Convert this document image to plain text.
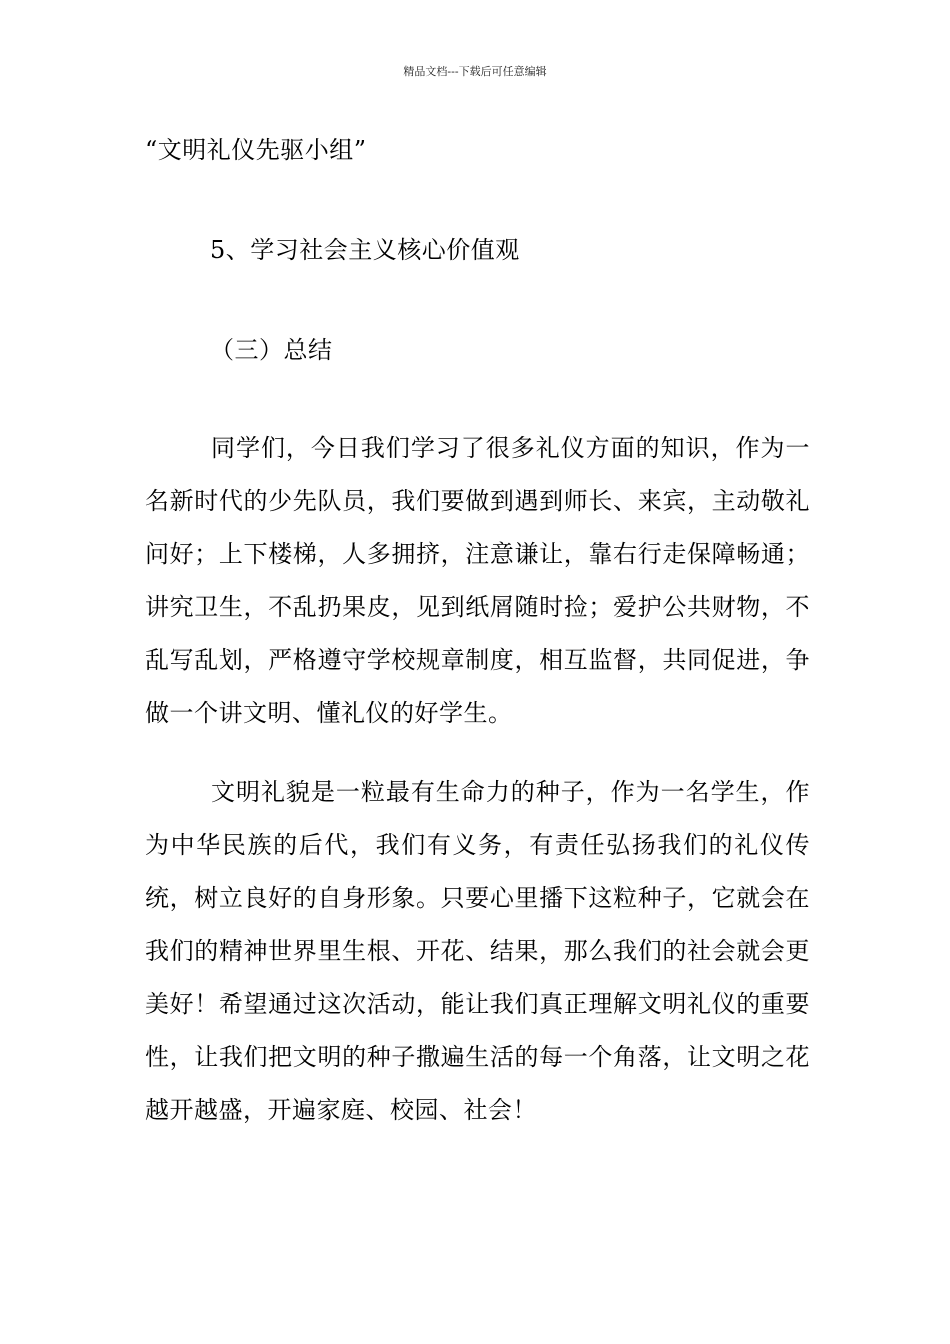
精品文档---下载后可任意编辑
“文明礼仪先驱小组”
5、学习社会主义核心价值观
（三）总结
同学们，今日我们学习了很多礼仪方面的知识，作为一名新时代的少先队员，我们要做到遇到师长、来宾，主动敬礼问好；上下楼梯，人多拥挤，注意谦让，靠右行走保障畅通；讲究卫生，不乱扔果皮，见到纸屑随时捡；爱护公共财物，不乱写乱划，严格遵守学校规章制度，相互监督，共同促进，争做一个讲文明、懂礼仪的好学生。
文明礼貌是一粒最有生命力的种子，作为一名学生，作为中华民族的后代，我们有义务，有责任弘扬我们的礼仪传统，树立良好的自身形象。只要心里播下这粒种子，它就会在我们的精神世界里生根、开花、结果，那么我们的社会就会更美好！希望通过这次活动，能让我们真正理解文明礼仪的重要性，让我们把文明的种子撒遍生活的每一个角落，让文明之花越开越盛，开遍家庭、校园、社会！
